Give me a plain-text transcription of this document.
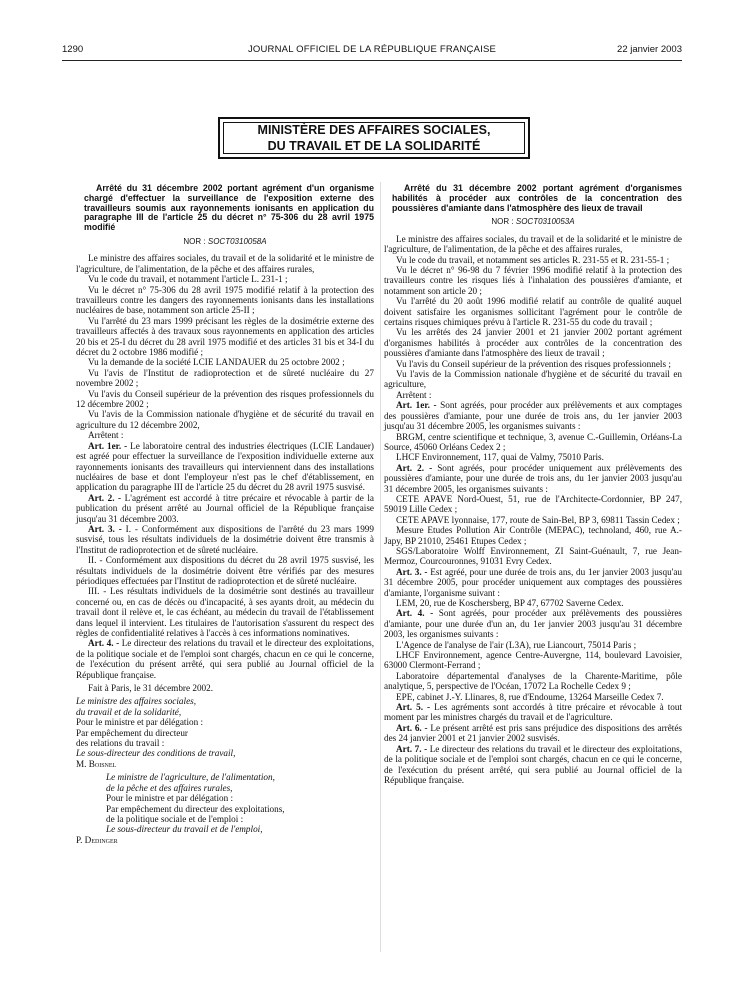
1290	JOURNAL OFFICIEL DE LA RÉPUBLIQUE FRANÇAISE	22 janvier 2003
MINISTÈRE DES AFFAIRES SOCIALES,
DU TRAVAIL ET DE LA SOLIDARITÉ

Arrêté du 31 décembre 2002 portant agrément d'un organisme chargé d'effectuer la surveillance de l'exposition externe des travailleurs soumis aux rayonnements ionisants en application du paragraphe III de l'article 25 du décret n° 75-306 du 28 avril 1975 modifié

NOR : SOCT0310058A

Le ministre des affaires sociales, du travail et de la solidarité et le ministre de l'agriculture, de l'alimentation, de la pêche et des affaires rurales,

Vu le code du travail, et notamment l'article L. 231-1 ;

Vu le décret n° 75-306 du 28 avril 1975 modifié relatif à la protection des travailleurs contre les dangers des rayonnements ionisants dans les installations nucléaires de base, notamment son article 25-II ;

Vu l'arrêté du 23 mars 1999 précisant les règles de la dosimétrie externe des travailleurs affectés à des travaux sous rayonnements en application des articles 20 bis et 25-I du décret du 28 avril 1975 modifié et des articles 31 bis et 34-I du décret du 2 octobre 1986 modifié ;

Vu la demande de la société LCIE LANDAUER du 25 octobre 2002 ;

Vu l'avis de l'Institut de radioprotection et de sûreté nucléaire du 27 novembre 2002 ;

Vu l'avis du Conseil supérieur de la prévention des risques professionnels du 12 décembre 2002 ;

Vu l'avis de la Commission nationale d'hygiène et de sécurité du travail en agriculture du 12 décembre 2002,

Arrêtent :

Art. 1er. - Le laboratoire central des industries électriques (LCIE Landauer) est agréé pour effectuer la surveillance de l'exposition individuelle externe aux rayonnements ionisants des travailleurs qui interviennent dans des installations nucléaires de base et dont l'employeur n'est pas le chef d'établissement, en application du paragraphe III de l'article 25 du décret du 28 avril 1975 susvisé.

Art. 2. - L'agrément est accordé à titre précaire et révocable à partir de la publication du présent arrêté au Journal officiel de la République française jusqu'au 31 décembre 2003.

Art. 3. - I. - Conformément aux dispositions de l'arrêté du 23 mars 1999 susvisé, tous les résultats individuels de la dosimétrie doivent être transmis à l'Institut de radioprotection et de sûreté nucléaire.

II. - Conformément aux dispositions du décret du 28 avril 1975 susvisé, les résultats individuels de la dosimétrie doivent être vérifiés par des mesures périodiques effectuées par l'Institut de radioprotection et de sûreté nucléaire.

III. - Les résultats individuels de la dosimétrie sont destinés au travailleur concerné ou, en cas de décès ou d'incapacité, à ses ayants droit, au médecin du travail dont il relève et, le cas échéant, au médecin du travail de l'établissement dans lequel il intervient. Les titulaires de l'autorisation s'assurent du respect des règles de confidentialité relatives à l'accès à ces informations nominatives.

Art. 4. - Le directeur des relations du travail et le directeur des exploitations, de la politique sociale et de l'emploi sont chargés, chacun en ce qui le concerne, de l'exécution du présent arrêté, qui sera publié au Journal officiel de la République française.

Fait à Paris, le 31 décembre 2002.

Le ministre des affaires sociales,

du travail et de la solidarité,

Pour le ministre et par délégation :

Par empêchement du directeur

des relations du travail :

Le sous-directeur des conditions de travail,

M. Boisnel

Le ministre de l'agriculture, de l'alimentation,

de la pêche et des affaires rurales,

Pour le ministre et par délégation :

Par empêchement du directeur des exploitations,

de la politique sociale et de l'emploi :

Le sous-directeur du travail et de l'emploi,

P. Dedinger

Arrêté du 31 décembre 2002 portant agrément d'organismes habilités à procéder aux contrôles de la concentration des poussières d'amiante dans l'atmosphère des lieux de travail

NOR : SOCT0310053A

Le ministre des affaires sociales, du travail et de la solidarité et le ministre de l'agriculture, de l'alimentation, de la pêche et des affaires rurales,

Vu le code du travail, et notamment ses articles R. 231-55 et R. 231-55-1 ;

Vu le décret n° 96-98 du 7 février 1996 modifié relatif à la protection des travailleurs contre les risques liés à l'inhalation des poussières d'amiante, et notamment son article 20 ;

Vu l'arrêté du 20 août 1996 modifié relatif au contrôle de qualité auquel doivent satisfaire les organismes sollicitant l'agrément pour le contrôle de certains risques chimiques prévu à l'article R. 231-55 du code du travail ;

Vu les arrêtés des 24 janvier 2001 et 21 janvier 2002 portant agrément d'organismes habilités à procéder aux contrôles de la concentration des poussières d'amiante dans l'atmosphère des lieux de travail ;

Vu l'avis du Conseil supérieur de la prévention des risques professionnels ;

Vu l'avis de la Commission nationale d'hygiène et de sécurité du travail en agriculture,

Arrêtent :

Art. 1er. - Sont agréés, pour procéder aux prélèvements et aux comptages des poussières d'amiante, pour une durée de trois ans, du 1er janvier 2003 jusqu'au 31 décembre 2005, les organismes suivants :

BRGM, centre scientifique et technique, 3, avenue C.-Guillemin, Orléans-La Source, 45060 Orléans Cedex 2 ;

LHCF Environnement, 117, quai de Valmy, 75010 Paris.

Art. 2. - Sont agréés, pour procéder uniquement aux prélèvements des poussières d'amiante, pour une durée de trois ans, du 1er janvier 2003 jusqu'au 31 décembre 2005, les organismes suivants :

CETE APAVE Nord-Ouest, 51, rue de l'Architecte-Cordonnier, BP 247, 59019 Lille Cedex ;

CETE APAVE lyonnaise, 177, route de Sain-Bel, BP 3, 69811 Tassin Cedex ;

Mesure Etudes Pollution Air Contrôle (MEPAC), technoland, 460, rue A.-Japy, BP 21010, 25461 Etupes Cedex ;

SGS/Laboratoire Wolff Environnement, ZI Saint-Guénault, 7, rue Jean-Mermoz, Courcouronnes, 91031 Evry Cedex.

Art. 3. - Est agréé, pour une durée de trois ans, du 1er janvier 2003 jusqu'au 31 décembre 2005, pour procéder uniquement aux comptages des poussières d'amiante, l'organisme suivant :

LEM, 20, rue de Koschersberg, BP 47, 67702 Saverne Cedex.

Art. 4. - Sont agréés, pour procéder aux prélèvements des poussières d'amiante, pour une durée d'un an, du 1er janvier 2003 jusqu'au 31 décembre 2003, les organismes suivants :

L'Agence de l'analyse de l'air (L3A), rue Liancourt, 75014 Paris ;

LHCF Environnement, agence Centre-Auvergne, 114, boulevard Lavoisier, 63000 Clermont-Ferrand ;

Laboratoire départemental d'analyses de la Charente-Maritime, pôle analytique, 5, perspective de l'Océan, 17072 La Rochelle Cedex 9 ;

EPE, cabinet J.-Y. Llinares, 8, rue d'Endoume, 13264 Marseille Cedex 7.

Art. 5. - Les agréments sont accordés à titre précaire et révocable à tout moment par les ministres chargés du travail et de l'agriculture.

Art. 6. - Le présent arrêté est pris sans préjudice des dispositions des arrêtés des 24 janvier 2001 et 21 janvier 2002 susvisés.

Art. 7. - Le directeur des relations du travail et le directeur des exploitations, de la politique sociale et de l'emploi sont chargés, chacun en ce qui le concerne, de l'exécution du présent arrêté, qui sera publié au Journal officiel de la République française.
